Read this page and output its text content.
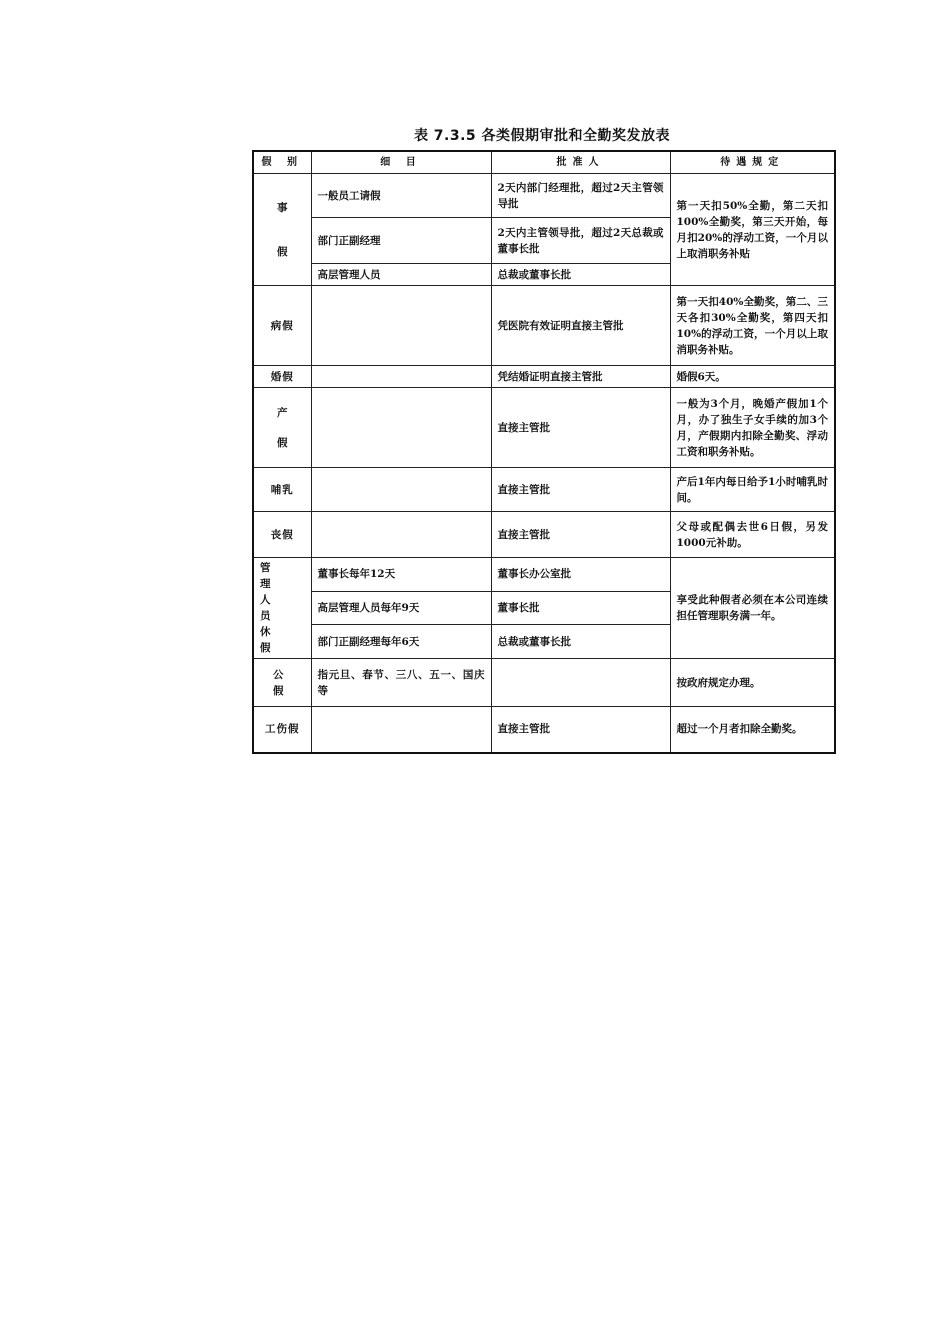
表 7.3.5 各类假期审批和全勤奖发放表
假 别	细 目	批准人	待遇规定

事假	一般员工请假	2天内部门经理批，超过2天主管领导批	第一天扣50%全勤，第二天扣100%全勤奖，第三天开始，每月扣20%的浮动工资，一个月以上取消职务补贴
	部门正副经理	2天内主管领导批，超过2天总裁或董事长批	
	高层管理人员	总裁或董事长批	
病假		凭医院有效证明直接主管批	第一天扣40%全勤奖，第二、三天各扣30%全勤奖，第四天扣10%的浮动工资，一个月以上取消职务补贴。
婚假		凭结婚证明直接主管批	婚假6天。

产假		直接主管批	一般为3个月，晚婚产假加1个月，办了独生子女手续的加3个月，产假期内扣除全勤奖、浮动工资和职务补贴。
哺乳		直接主管批	产后1年内每日给予1小时哺乳时间。
丧假		直接主管批	父母或配偶去世6日假，另发1000元补助。

管 理
人 员
休 假	董事长每年12天	董事长办公室批	享受此种假者必须在本公司连续担任管理职务满一年。
	高层管理人员每年9天	董事长批	
	部门正副经理每年6天	总裁或董事长批	
公 假	指元旦、春节、三八、五一、国庆等		按政府规定办理。
工伤假		直接主管批	超过一个月者扣除全勤奖。
